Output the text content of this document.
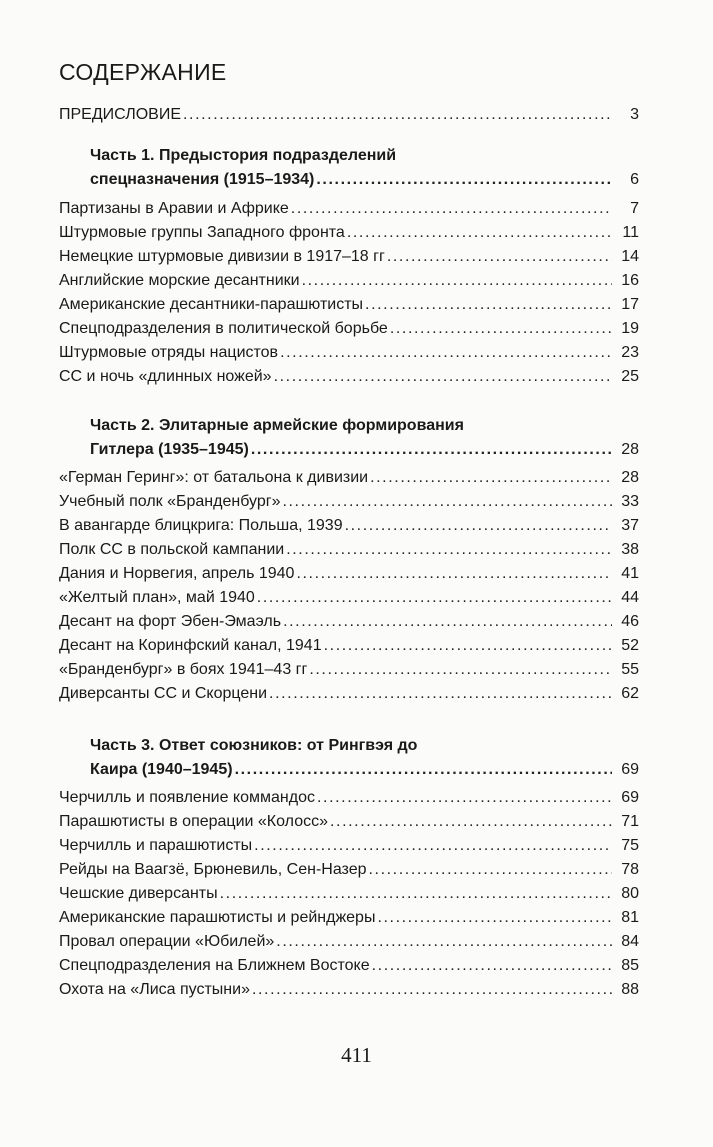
СОДЕРЖАНИЕ
ПРЕДИСЛОВИЕ .....	3
Часть 1. Предыстория подразделений
спецназначения (1915–1934) .....	6
Партизаны в Аравии и Африке .....	7
Штурмовые группы Западного фронта .....	11
Немецкие штурмовые дивизии в 1917–18 гг .....	14
Английские морские десантники .....	16
Американские десантники-парашютисты .....	17
Спецподразделения в политической борьбе .....	19
Штурмовые отряды нацистов .....	23
СС и ночь «длинных ножей» .....	25
Часть 2. Элитарные армейские формирования
Гитлера (1935–1945) .....	28
«Герман Геринг»: от батальона к дивизии .....	28
Учебный полк «Бранденбург» .....	33
В авангарде блицкрига: Польша, 1939 .....	37
Полк СС в польской кампании .....	38
Дания и Норвегия, апрель 1940 .....	41
«Желтый план», май 1940 .....	44
Десант на форт Эбен-Эмаэль .....	46
Десант на Коринфский канал, 1941 .....	52
«Бранденбург» в боях 1941–43 гг .....	55
Диверсанты СС и Скорцени .....	62
Часть 3. Ответ союзников: от Рингвэя до
Каира (1940–1945) .....	69
Черчилль и появление коммандос .....	69
Парашютисты в операции «Колосс» .....	71
Черчилль и парашютисты .....	75
Рейды на Ваагзё, Брюневиль, Сен-Назер .....	78
Чешские диверсанты .....	80
Американские парашютисты и рейнджеры .....	81
Провал операции «Юбилей» .....	84
Спецподразделения на Ближнем Востоке .....	85
Охота на «Лиса пустыни» .....	88
411
